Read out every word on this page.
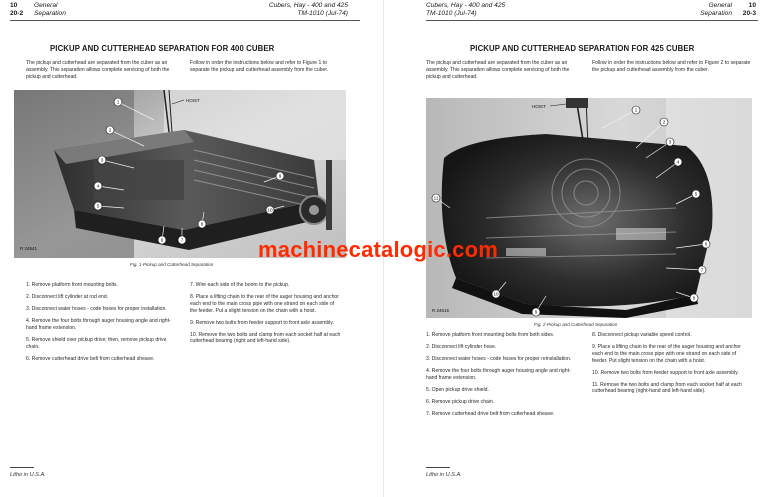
10
20-2
General
Separation
Cubers, Hay - 400 and 425
TM-1010 (Jul-74)
PICKUP AND CUTTERHEAD SEPARATION FOR 400 CUBER

The pickup and cutterhead are separated from the cuber as an assembly. This separation allows complete servicing of both the pickup and cutterhead.

Follow in order the instructions below and refer to Figure 1 to separate the pickup and cutterhead assembly from the cuber.

R 24541
HOIST
1
2
3
4
5
6	7
8
9
10
Fig. 1-Pickup and Cutterhead Separation

1. Remove platform front mounting bolts.

2. Disconnect lift cylinder at rod end.

3. Disconnect water hoses - code hoses for proper installation.

4. Remove the four bolts through auger housing angle and right-hand frame extension.

5. Remove shield over pickup drive; then, remove pickup drive chain.

6. Remove cutterhead drive belt from cutterhead sheave.

7. Wire each side of the boom to the pickup.

8. Place a lifting chain to the rear of the auger housing and anchor each end to the main cross pipe with one strand on each side of the feeder. Put a slight tension on the chain with a hoist.

9. Remove two bolts from feeder support to front axle assembly.

10. Remove the two bolts and clamp from each socket half at each cutterhead bearing (right and left-hand side).

Litho in U.S.A.
Cubers, Hay - 400 and 425
TM-1010 (Jul-74)
General
Separation
10
20-3
PICKUP AND CUTTERHEAD SEPARATION FOR 425 CUBER

The pickup and cutterhead are separated from the cuber as an assembly. This separation allows complete servicing of both the pickup and cutterhead.

Follow in order the instructions below and refer to Figure 2 to separate the pickup and cutterhead assembly from the cuber.

HOIST
R 24615
1
2
3
4
5
6
7
8
9
10
11
Fig. 2-Pickup and Cutterhead Separation

1. Remove platform front mounting bolts from both sides.

2. Disconnect lift cylinder hose.

3. Disconnect water hoses - code hoses for proper reinstallation.

4. Remove the four bolts through auger housing angle and right-hand frame extension.

5. Open pickup drive shield.

6. Remove pickup drive chain.

7. Remove cutterhead drive belt from cutterhead sheave.

8. Disconnect pickup variable speed control.

9. Place a lifting chain to the rear of the auger housing and anchor each end to the main cross pipe with one strand on each side of feeder. Put slight tension on the chain with a hoist.

10. Remove two bolts from feeder support to front axle assembly.

11. Remove the two bolts and clamp from each socket half at each cutterhead bearing (right-hand and left-hand side).

Litho in U.S.A.
machinecatalogic.com
